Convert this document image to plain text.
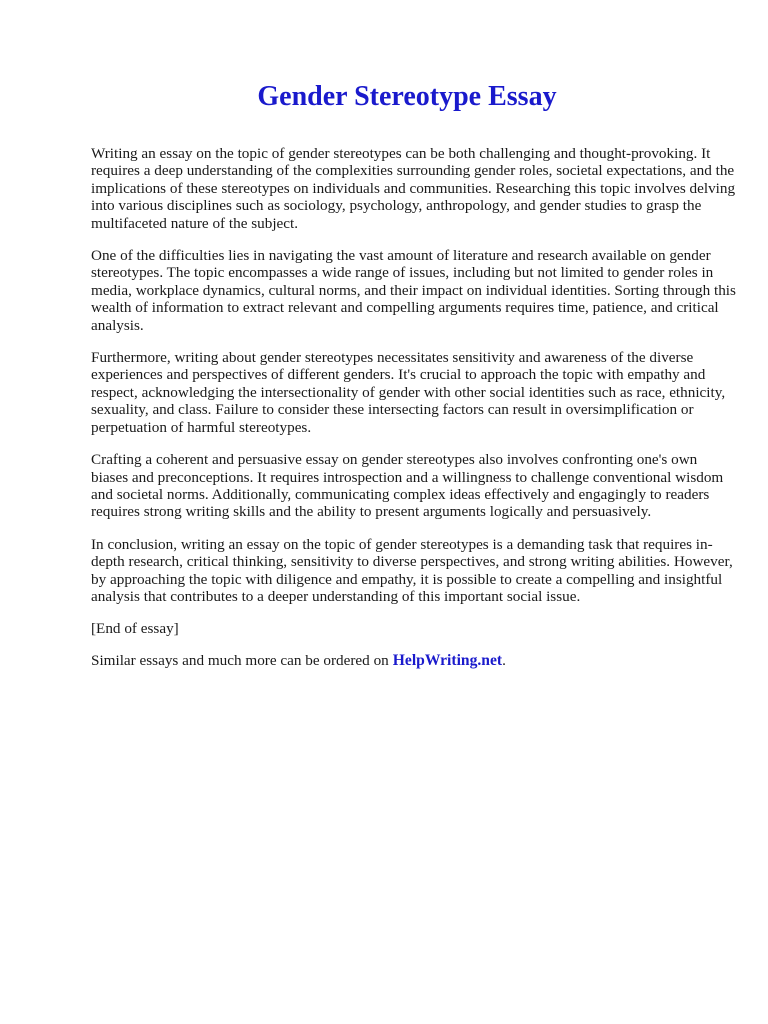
Gender Stereotype Essay

Writing an essay on the topic of gender stereotypes can be both challenging and thought-provoking. It requires a deep understanding of the complexities surrounding gender roles, societal expectations, and the implications of these stereotypes on individuals and communities. Researching this topic involves delving into various disciplines such as sociology, psychology, anthropology, and gender studies to grasp the multifaceted nature of the subject.

One of the difficulties lies in navigating the vast amount of literature and research available on gender stereotypes. The topic encompasses a wide range of issues, including but not limited to gender roles in media, workplace dynamics, cultural norms, and their impact on individual identities. Sorting through this wealth of information to extract relevant and compelling arguments requires time, patience, and critical analysis.

Furthermore, writing about gender stereotypes necessitates sensitivity and awareness of the diverse experiences and perspectives of different genders. It's crucial to approach the topic with empathy and respect, acknowledging the intersectionality of gender with other social identities such as race, ethnicity, sexuality, and class. Failure to consider these intersecting factors can result in oversimplification or perpetuation of harmful stereotypes.

Crafting a coherent and persuasive essay on gender stereotypes also involves confronting one's own biases and preconceptions. It requires introspection and a willingness to challenge conventional wisdom and societal norms. Additionally, communicating complex ideas effectively and engagingly to readers requires strong writing skills and the ability to present arguments logically and persuasively.

In conclusion, writing an essay on the topic of gender stereotypes is a demanding task that requires in-depth research, critical thinking, sensitivity to diverse perspectives, and strong writing abilities. However, by approaching the topic with diligence and empathy, it is possible to create a compelling and insightful analysis that contributes to a deeper understanding of this important social issue.

[End of essay]

Similar essays and much more can be ordered on HelpWriting.net.
